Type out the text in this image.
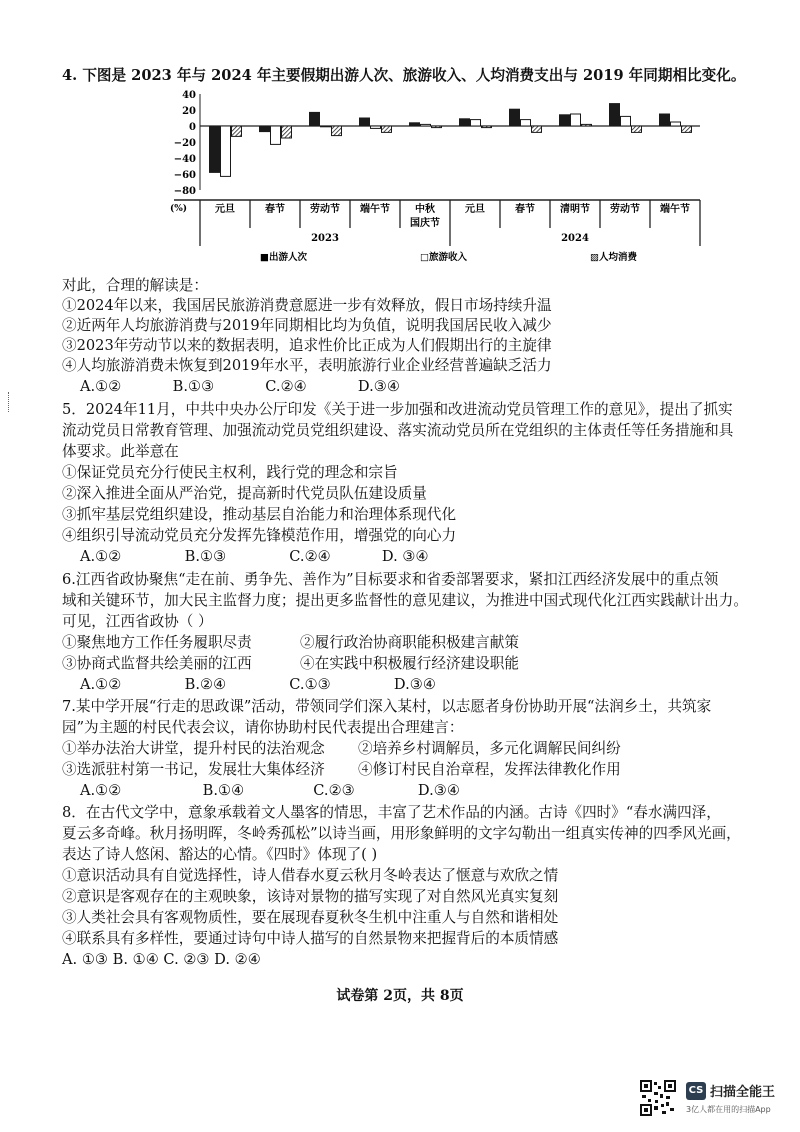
4. 下图是 2023 年与 2024 年主要假期出游人次、旅游收入、人均消费支出与 2019 年同期相比变化。
40
20
0
−20
−40
−60
−80
(%)	元旦	春节	劳动节 端午节	中秋
国庆节
元旦	春节	清明节 劳动节 端午节
2023	2024
■出游人次	□旅游收入	▨人均消费
对此，合理的解读是：
①2024年以来，我国居民旅游消费意愿进一步有效释放，假日市场持续升温
②近两年人均旅游消费与2019年同期相比均为负值，说明我国居民收入减少
③2023年劳动节以来的数据表明，追求性价比正成为人们假期出行的主旋律
④人均旅游消费未恢复到2019年水平，表明旅游行业企业经营普遍缺乏活力
A.①②	B.①③	C.②④	D.③④
5．2024年11月，中共中央办公厅印发《关于进一步加强和改进流动党员管理工作的意见》，提出了抓实
流动党员日常教育管理、加强流动党员党组织建设、落实流动党员所在党组织的主体责任等任务措施和具
体要求。此举意在
①保证党员充分行使民主权利，践行党的理念和宗旨
②深入推进全面从严治党，提高新时代党员队伍建设质量
③抓牢基层党组织建设，推动基层自治能力和治理体系现代化
④组织引导流动党员充分发挥先锋模范作用，增强党的向心力
A.①②	B.①③	C.②④	D. ③④
6.江西省政协聚焦“走在前、勇争先、善作为”目标要求和省委部署要求，紧扣江西经济发展中的重点领
域和关键环节，加大民主监督力度；提出更多监督性的意见建议，为推进中国式现代化江西实践献计出力。
可见，江西省政协（ ）
①聚焦地方工作任务履职尽责	②履行政治协商职能积极建言献策
③协商式监督共绘美丽的江西	④在实践中积极履行经济建设职能
A.①②	B.②④	C.①③	D.③④
7.某中学开展“行走的思政课”活动，带领同学们深入某村，以志愿者身份协助开展“法润乡土，共筑家
园”为主题的村民代表会议，请你协助村民代表提出合理建言：
①举办法治大讲堂，提升村民的法治观念 ②培养乡村调解员，多元化调解民间纠纷
③选派驻村第一书记，发展壮大集体经济 ④修订村民自治章程，发挥法律教化作用
A.①②	B.①④	C.②③	D.③④
8．在古代文学中，意象承载着文人墨客的情思，丰富了艺术作品的内涵。古诗《四时》“春水满四泽，
夏云多奇峰。秋月扬明晖，冬岭秀孤松”以诗当画，用形象鲜明的文字勾勒出一组真实传神的四季风光画，
表达了诗人悠闲、豁达的心情。《四时》体现了( )
①意识活动具有自觉选择性，诗人借春水夏云秋月冬岭表达了惬意与欢欣之情
②意识是客观存在的主观映象，该诗对景物的描写实现了对自然风光真实复刻
③人类社会具有客观物质性，要在展现春夏秋冬生机中注重人与自然和谐相处
④联系具有多样性，要通过诗句中诗人描写的自然景物来把握背后的本质情感
A. ①③ B. ①④ C. ②③ D. ②④
试卷第 2页，共 8页
CS 扫描全能王
3亿人都在用的扫描App
